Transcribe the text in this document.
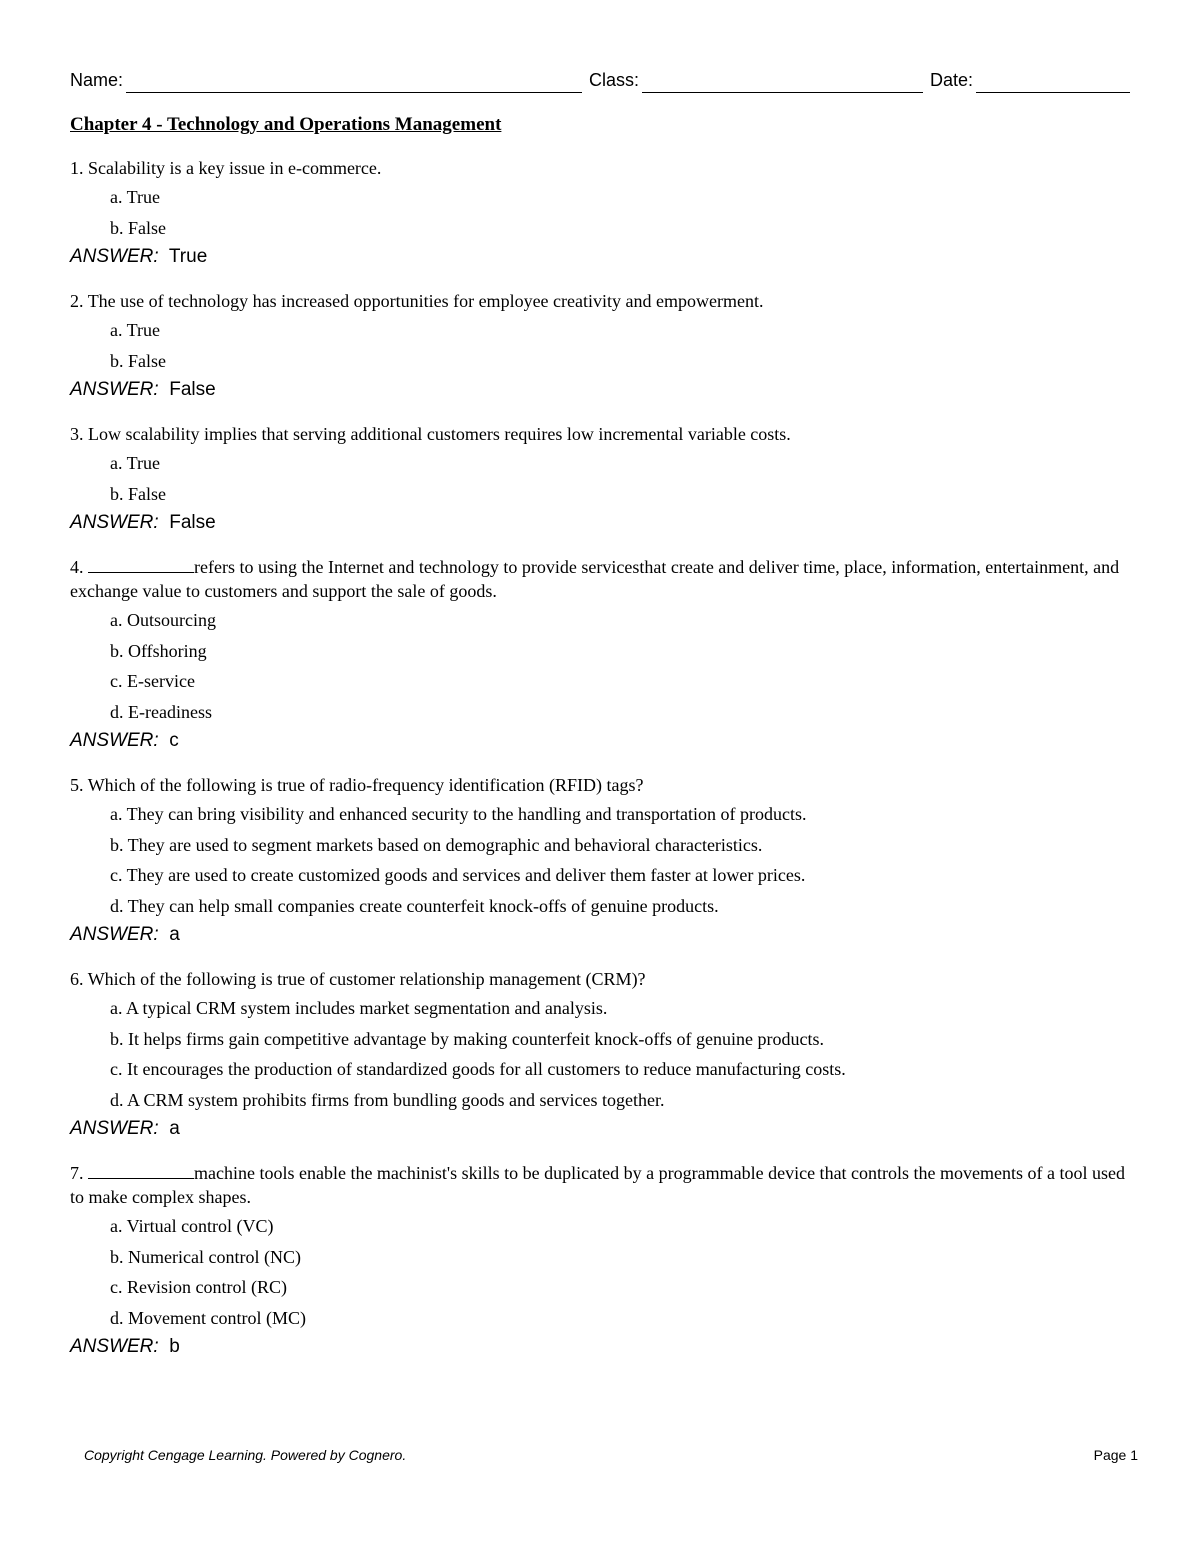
Name:	Class:	Date:
Chapter 4 - Technology and Operations Management
1. Scalability is a key issue in e-commerce.
a. True
b. False
ANSWER: True
2. The use of technology has increased opportunities for employee creativity and empowerment.
a. True
b. False
ANSWER: False
3. Low scalability implies that serving additional customers requires low incremental variable costs.
a. True
b. False
ANSWER: False
4.	refers to using the Internet and technology to provide servicesthat create and deliver time, place, information, entertainment, and exchange value to customers and support the sale of goods.
a. Outsourcing
b. Offshoring
c. E-service
d. E-readiness
ANSWER: c
5. Which of the following is true of radio-frequency identification (RFID) tags?
a. They can bring visibility and enhanced security to the handling and transportation of products.
b. They are used to segment markets based on demographic and behavioral characteristics.
c. They are used to create customized goods and services and deliver them faster at lower prices.
d. They can help small companies create counterfeit knock-offs of genuine products.
ANSWER: a
6. Which of the following is true of customer relationship management (CRM)?
a. A typical CRM system includes market segmentation and analysis.
b. It helps firms gain competitive advantage by making counterfeit knock-offs of genuine products.
c. It encourages the production of standardized goods for all customers to reduce manufacturing costs.
d. A CRM system prohibits firms from bundling goods and services together.
ANSWER: a
7.	machine tools enable the machinist's skills to be duplicated by a programmable device that controls the movements of a tool used to make complex shapes.
a. Virtual control (VC)
b. Numerical control (NC)
c. Revision control (RC)
d. Movement control (MC)
ANSWER: b
Copyright Cengage Learning. Powered by Cognero.	Page 1
